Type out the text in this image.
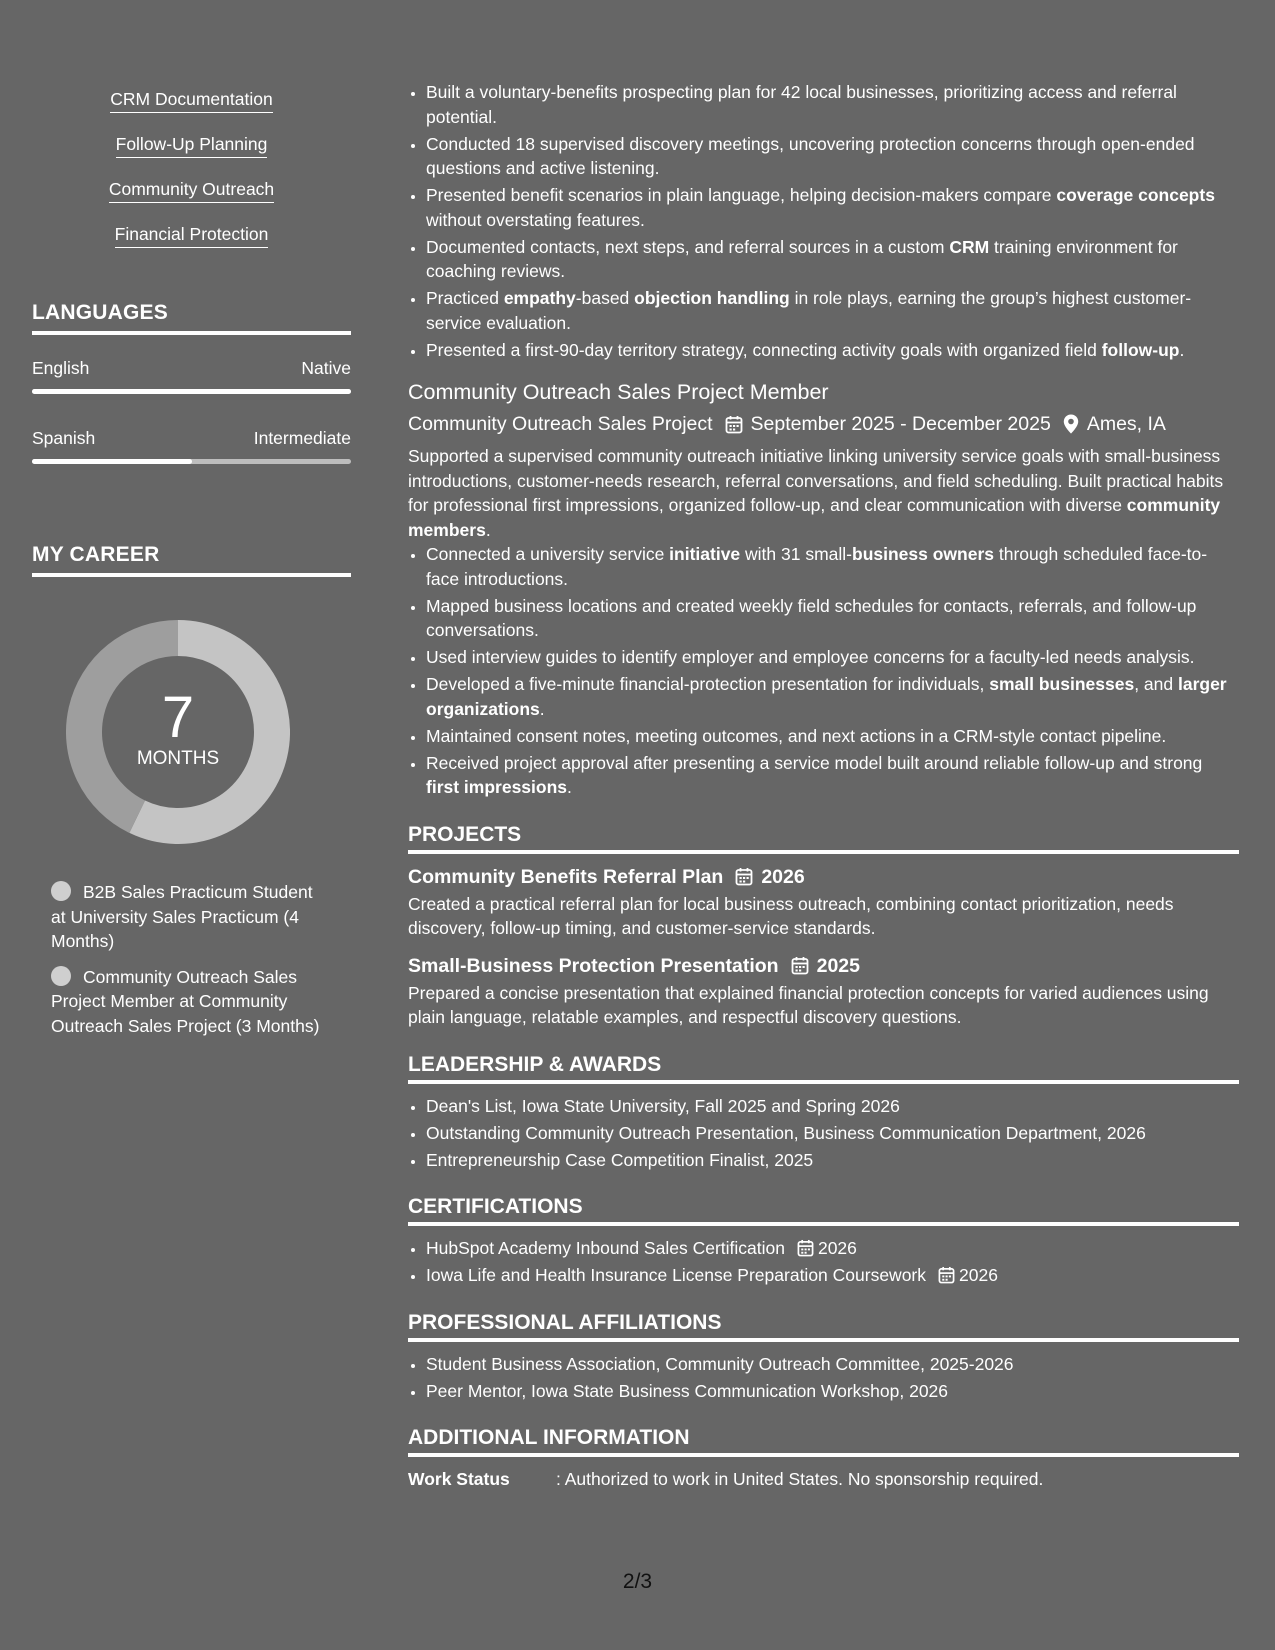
CRM Documentation
Follow-Up Planning
Community Outreach
Financial Protection
LANGUAGES
English	Native
Spanish	Intermediate
MY CAREER
7
MONTHS
B2B Sales Practicum Student at University Sales Practicum (4 Months)
Community Outreach Sales Project Member at Community Outreach Sales Project (3 Months)
• Built a voluntary-benefits prospecting plan for 42 local businesses, prioritizing access and referral potential.
• Conducted 18 supervised discovery meetings, uncovering protection concerns through open-ended questions and active listening.
• Presented benefit scenarios in plain language, helping decision-makers compare coverage concepts without overstating features.
• Documented contacts, next steps, and referral sources in a custom CRM training environment for coaching reviews.
• Practiced empathy-based objection handling in role plays, earning the group’s highest customer-service evaluation.
• Presented a first-90-day territory strategy, connecting activity goals with organized field follow-up.
Community Outreach Sales Project Member
Community Outreach Sales Project September 2025 - December 2025 Ames, IA
Supported a supervised community outreach initiative linking university service goals with small-business introductions, customer-needs research, referral conversations, and field scheduling. Built practical habits for professional first impressions, organized follow-up, and clear communication with diverse community members.
• Connected a university service initiative with 31 small-business owners through scheduled face-to-face introductions.
• Mapped business locations and created weekly field schedules for contacts, referrals, and follow-up conversations.
• Used interview guides to identify employer and employee concerns for a faculty-led needs analysis.
• Developed a five-minute financial-protection presentation for individuals, small businesses, and larger organizations.
• Maintained consent notes, meeting outcomes, and next actions in a CRM-style contact pipeline.
• Received project approval after presenting a service model built around reliable follow-up and strong first impressions.
PROJECTS
Community Benefits Referral Plan 2026
Created a practical referral plan for local business outreach, combining contact prioritization, needs discovery, follow-up timing, and customer-service standards.
Small-Business Protection Presentation 2025
Prepared a concise presentation that explained financial protection concepts for varied audiences using plain language, relatable examples, and respectful discovery questions.
LEADERSHIP & AWARDS
• Dean's List, Iowa State University, Fall 2025 and Spring 2026
• Outstanding Community Outreach Presentation, Business Communication Department, 2026
• Entrepreneurship Case Competition Finalist, 2025
CERTIFICATIONS
• HubSpot Academy Inbound Sales Certification 2026
• Iowa Life and Health Insurance License Preparation Coursework 2026
PROFESSIONAL AFFILIATIONS
• Student Business Association, Community Outreach Committee, 2025-2026
• Peer Mentor, Iowa State Business Communication Workshop, 2026
ADDITIONAL INFORMATION
Work Status	: Authorized to work in United States. No sponsorship required.
2/3
